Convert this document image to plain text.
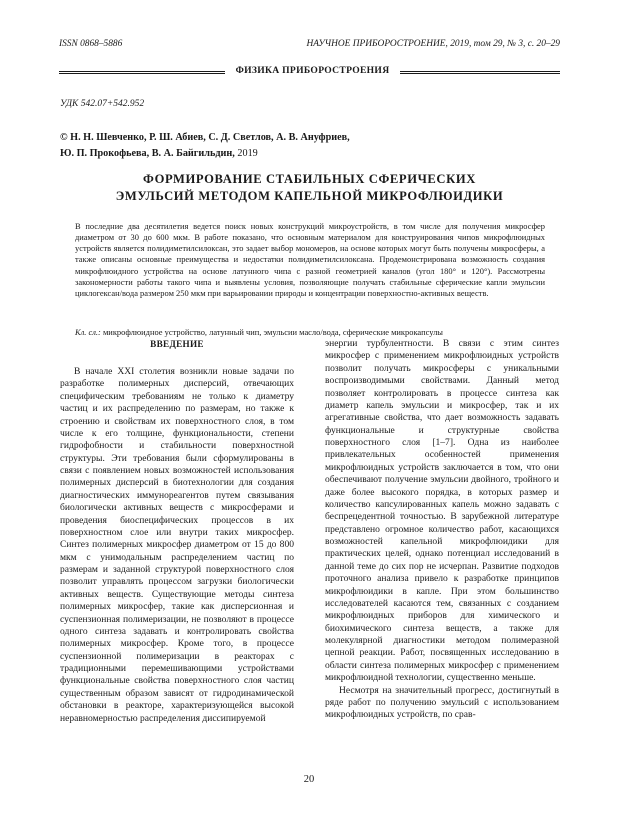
ISSN 0868–5886	НАУЧНОЕ ПРИБОРОСТРОЕНИЕ, 2019, том 29, № 3, c. 20–29
ФИЗИКА ПРИБОРОСТРОЕНИЯ
УДК 542.07+542.952
© Н. Н. Шевченко, Р. Ш. Абиев, С. Д. Светлов, А. В. Ануфриев,
Ю. П. Прокофьева, В. А. Байгильдин, 2019
ФОРМИРОВАНИЕ СТАБИЛЬНЫХ СФЕРИЧЕСКИХ
ЭМУЛЬСИЙ МЕТОДОМ КАПЕЛЬНОЙ МИКРОФЛЮИДИКИ
В последние два десятилетия ведется поиск новых конструкций микроустройств, в том числе для получения микросфер диаметром от 30 до 600 мкм. В работе показано, что основным материалом для конструирования чипов микрофлюидных устройств является полидиметилсилоксан, это задает выбор мономеров, на основе которых могут быть получены микросферы, а также описаны основные преимущества и недостатки полидиметилсилоксана. Продемонстрирована возможность создания микрофлюидного устройства на основе латунного чипа с разной геометрией каналов (угол 180° и 120°). Рассмотрены закономерности работы такого чипа и выявлены условия, позволяющие получать стабильные сферические капли эмульсии циклогексан/вода размером 250 мкм при варьировании природы и концентрации поверхностно-активных веществ.
Кл. сл.: микрофлюидное устройство, латунный чип, эмульсии масло/вода, сферические микрокапсулы
ВВЕДЕНИЕ

В начале XXI столетия возникли новые задачи по разработке полимерных дисперсий, отвечающих специфическим требованиям не только к диаметру частиц и их распределению по размерам, но также к строению и свойствам их поверхностного слоя, в том числе к его толщине, функциональности, степени гидрофобности и стабильности поверхностной структуры. Эти требования были сформулированы в связи с появлением новых возможностей использования полимерных дисперсий в биотехнологии для создания диагностических иммунореагентов путем связывания биологически активных веществ с микросферами и проведения биоспецифических процессов в их поверхностном слое или внутри таких микросфер. Синтез полимерных микросфер диаметром от 15 до 800 мкм с унимодальным распределением частиц по размерам и заданной структурой поверхностного слоя позволит управлять процессом загрузки биологически активных веществ. Существующие методы синтеза полимерных микросфер, такие как дисперсионная и суспензионная полимеризации, не позволяют в процессе одного синтеза задавать и контролировать свойства полимерных микросфер. Кроме того, в процессе суспензионной полимеризации в реакторах с традиционными перемешивающими устройствами функциональные свойства поверхностного слоя частиц существенным образом зависят от гидродинамической обстановки в реакторе, характеризующейся высокой неравномерностью распределения диссипируемой

энергии турбулентности. В связи с этим синтез микросфер с применением микрофлюидных устройств позволит получать микросферы с уникальными воспроизводимыми свойствами. Данный метод позволяет контролировать в процессе синтеза как диаметр капель эмульсии и микросфер, так и их агрегативные свойства, что дает возможность задавать функциональные и структурные свойства поверхностного слоя [1–7]. Одна из наиболее привлекательных особенностей применения микрофлюидных устройств заключается в том, что они обеспечивают получение эмульсии двойного, тройного и даже более высокого порядка, в которых размер и количество капсулированных капель можно задавать с беспрецедентной точностью. В зарубежной литературе представлено огромное количество работ, касающихся возможностей капельной микрофлюидики для практических целей, однако потенциал исследований в данной теме до сих пор не исчерпан. Развитие подходов проточного анализа привело к разработке принципов микрофлюидики в капле. При этом большинство исследователей касаются тем, связанных с созданием микрофлюидных приборов для химического и биохимического синтеза веществ, а также для молекулярной диагностики методом полимеразной цепной реакции. Работ, посвященных исследованию в области синтеза полимерных микросфер с применением микрофлюидной технологии, существенно меньше.

Несмотря на значительный прогресс, достигнутый в ряде работ по получению эмульсий с использованием микрофлюидных устройств, по срав-

20
